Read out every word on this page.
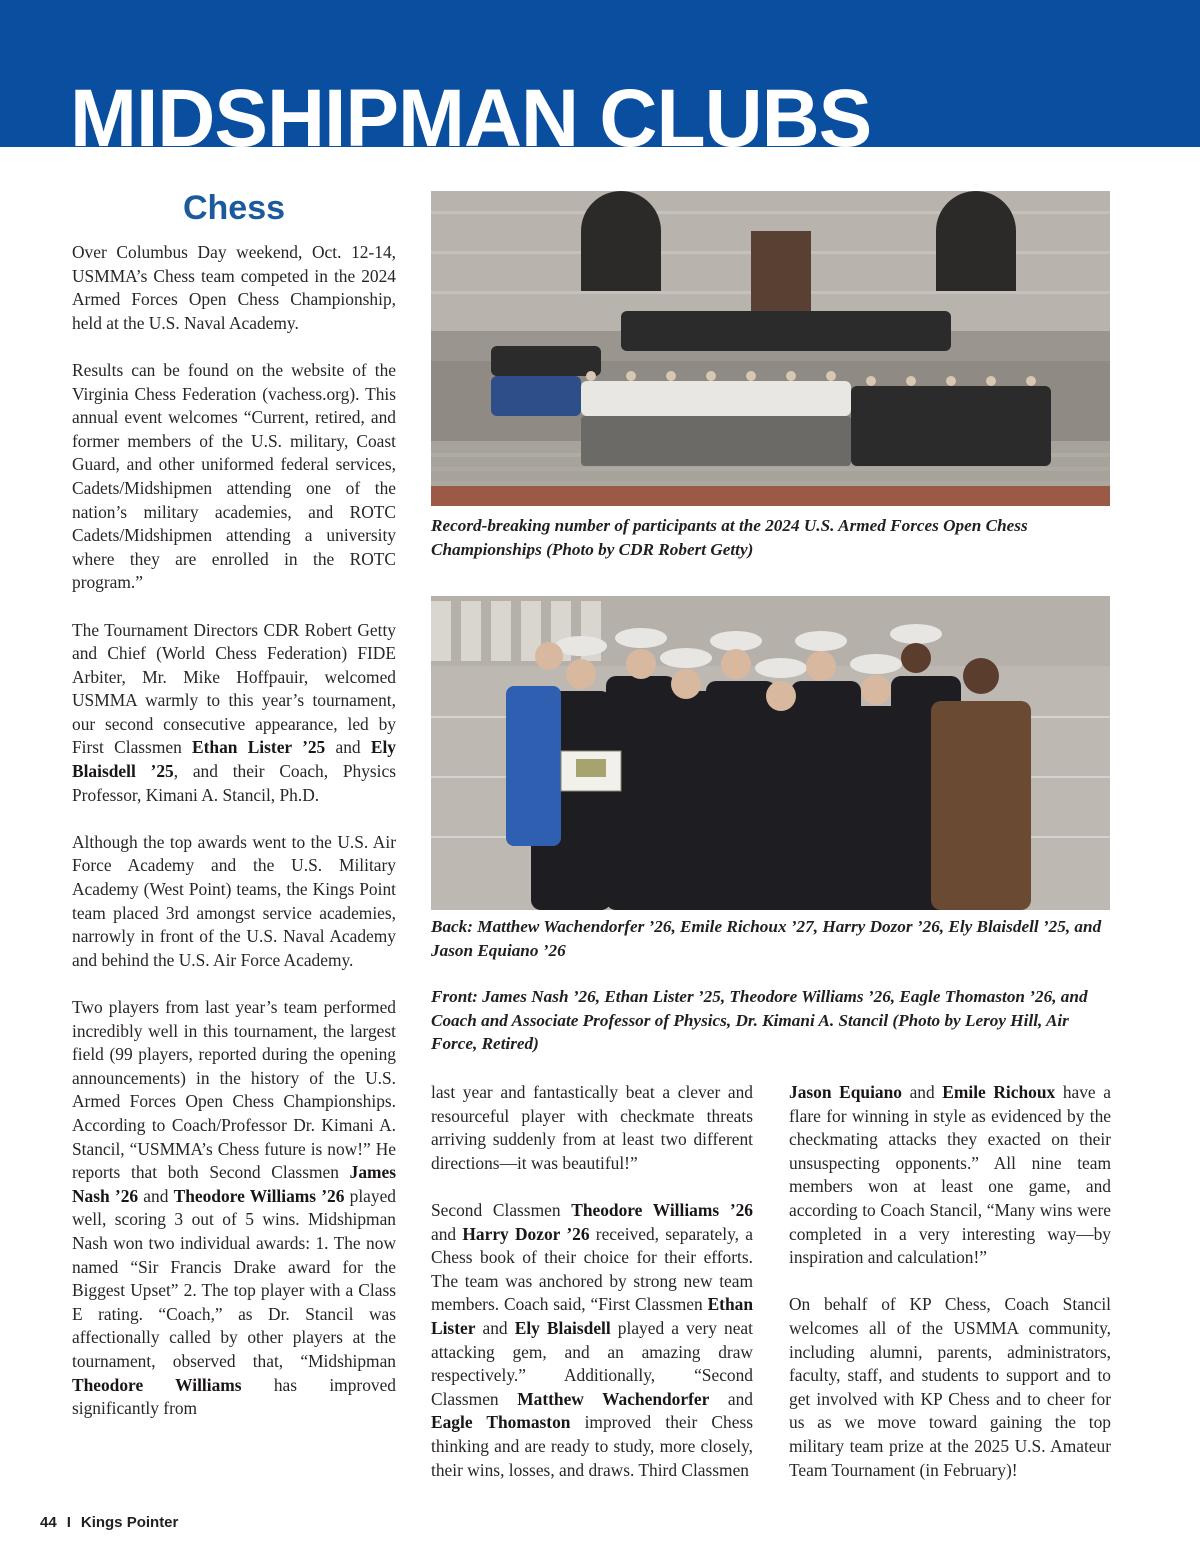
MIDSHIPMAN CLUBS
Chess

Over Columbus Day weekend, Oct. 12-14, USMMA’s Chess team competed in the 2024 Armed Forces Open Chess Championship, held at the U.S. Naval Academy.

Results can be found on the website of the Virginia Chess Federation (vachess.org). This annual event welcomes “Current, retired, and former members of the U.S. military, Coast Guard, and other uniformed federal services, Cadets/Midshipmen attending one of the nation’s military academies, and ROTC Cadets/Midshipmen attending a university where they are enrolled in the ROTC program.”

The Tournament Directors CDR Robert Getty and Chief (World Chess Federation) FIDE Arbiter, Mr. Mike Hoffpauir, welcomed USMMA warmly to this year’s tournament, our second consecutive appearance, led by First Classmen Ethan Lister ’25 and Ely Blaisdell ’25, and their Coach, Physics Professor, Kimani A. Stancil, Ph.D.

Although the top awards went to the U.S. Air Force Academy and the U.S. Military Academy (West Point) teams, the Kings Point team placed 3rd amongst service academies, narrowly in front of the U.S. Naval Academy and behind the U.S. Air Force Academy.

Two players from last year’s team performed incredibly well in this tournament, the largest field (99 players, reported during the opening announcements) in the history of the U.S. Armed Forces Open Chess Championships. According to Coach/Professor Dr. Kimani A. Stancil, “USMMA’s Chess future is now!” He reports that both Second Classmen James Nash ’26 and Theodore Williams ’26 played well, scoring 3 out of 5 wins. Midshipman Nash won two individual awards: 1. The now named “Sir Francis Drake award for the Biggest Upset” 2. The top player with a Class E rating. “Coach,” as Dr. Stancil was affectionally called by other players at the tournament, observed that, “Midshipman Theodore Williams has improved significantly from

last year and fantastically beat a clever and resourceful player with checkmate threats arriving suddenly from at least two different directions—it was beautiful!”

Second Classmen Theodore Williams ’26 and Harry Dozor ’26 received, separately, a Chess book of their choice for their efforts. The team was anchored by strong new team members. Coach said, “First Classmen Ethan Lister and Ely Blaisdell played a very neat attacking gem, and an amazing draw respectively.” Additionally, “Second Classmen Matthew Wachendorfer and Eagle Thomaston improved their Chess thinking and are ready to study, more closely, their wins, losses, and draws. Third Classmen

Jason Equiano and Emile Richoux have a flare for winning in style as evidenced by the checkmating attacks they exacted on their unsuspecting opponents.” All nine team members won at least one game, and according to Coach Stancil, “Many wins were completed in a very interesting way—by inspiration and calculation!”

On behalf of KP Chess, Coach Stancil welcomes all of the USMMA community, including alumni, parents, administrators, faculty, staff, and students to support and to get involved with KP Chess and to cheer for us as we move toward gaining the top military team prize at the 2025 U.S. Amateur Team Tournament (in February)!

Record-breaking number of participants at the 2024 U.S. Armed Forces Open Chess Championships (Photo by CDR Robert Getty)

Back: Matthew Wachendorfer ’26, Emile Richoux ’27, Harry Dozor ’26, Ely Blaisdell ’25, and Jason Equiano ’26

Front: James Nash ’26, Ethan Lister ’25, Theodore Williams ’26, Eagle Thomaston ’26, and Coach and Associate Professor of Physics, Dr. Kimani A. Stancil (Photo by Leroy Hill, Air Force, Retired)

44 I Kings Pointer
